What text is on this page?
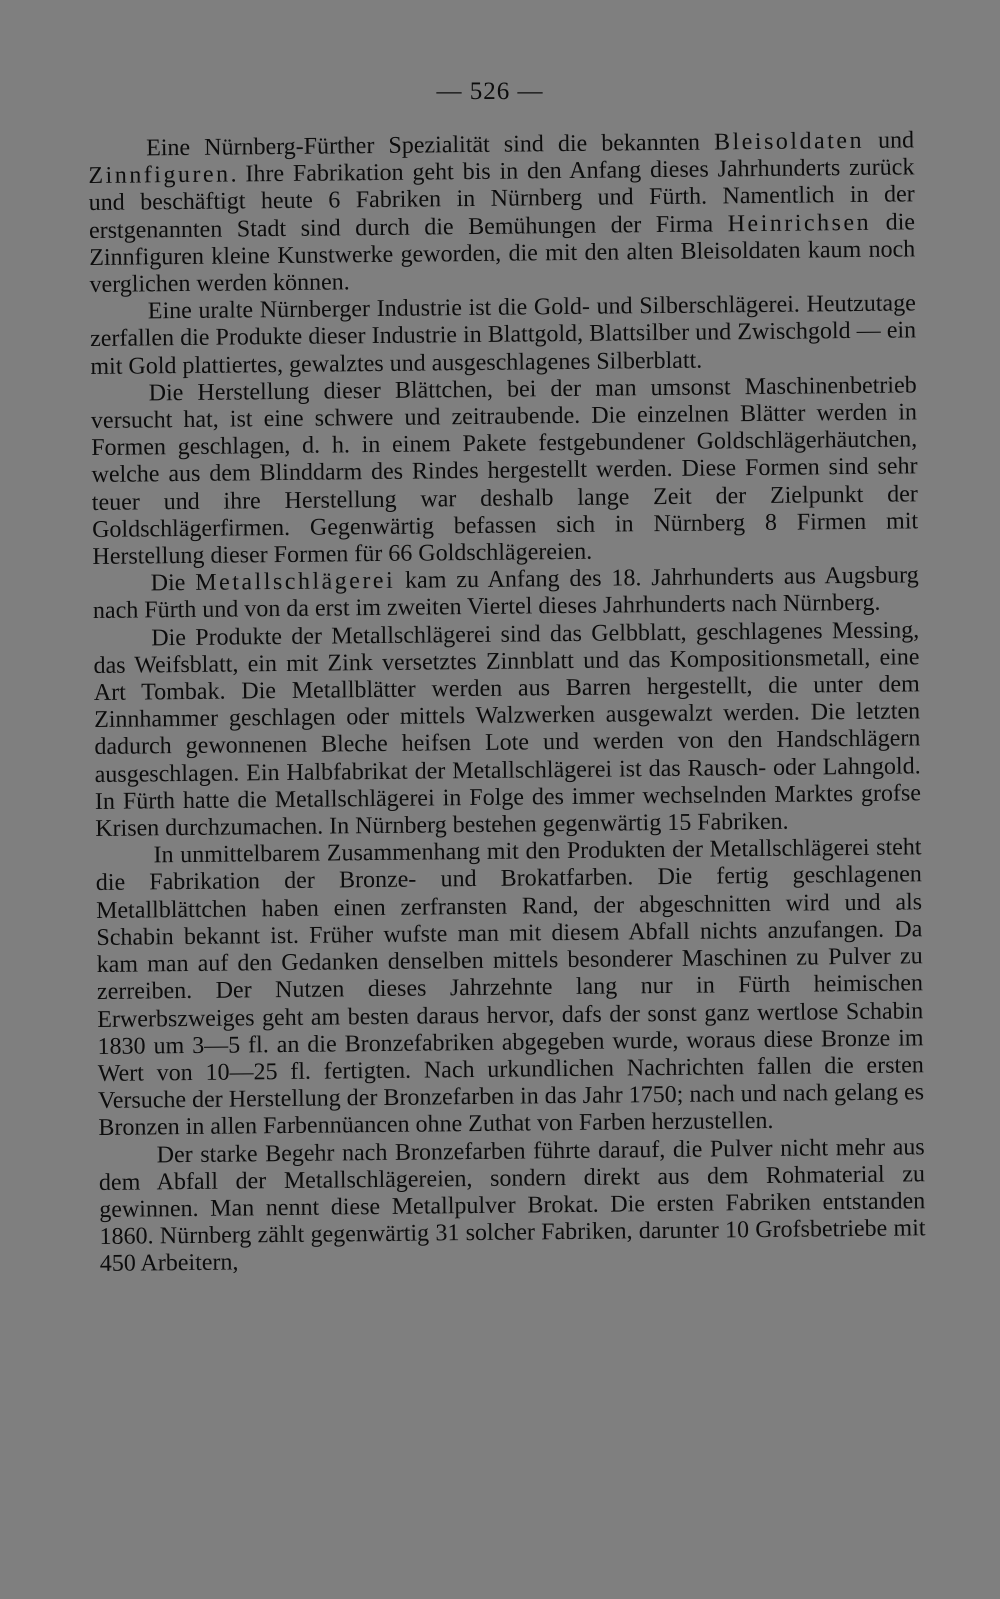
— 526 —

Eine Nürnberg-Fürther Spezialität sind die bekannten Bleisoldaten und Zinnfiguren. Ihre Fabrikation geht bis in den Anfang dieses Jahrhunderts zurück und beschäftigt heute 6 Fabriken in Nürnberg und Fürth. Namentlich in der erstgenannten Stadt sind durch die Bemühungen der Firma Heinrichsen die Zinnfiguren kleine Kunstwerke geworden, die mit den alten Bleisoldaten kaum noch verglichen werden können.

Eine uralte Nürnberger Industrie ist die Gold- und Silberschlägerei. Heutzutage zerfallen die Produkte dieser Industrie in Blattgold, Blattsilber und Zwischgold — ein mit Gold plattiertes, gewalztes und ausgeschlagenes Silberblatt.

Die Herstellung dieser Blättchen, bei der man umsonst Maschinenbetrieb versucht hat, ist eine schwere und zeitraubende. Die einzelnen Blätter werden in Formen geschlagen, d. h. in einem Pakete festgebundener Goldschlägerhäutchen, welche aus dem Blinddarm des Rindes hergestellt werden. Diese Formen sind sehr teuer und ihre Herstellung war deshalb lange Zeit der Zielpunkt der Goldschlägerfirmen. Gegenwärtig befassen sich in Nürnberg 8 Firmen mit Herstellung dieser Formen für 66 Goldschlägereien.

Die Metallschlägerei kam zu Anfang des 18. Jahrhunderts aus Augsburg nach Fürth und von da erst im zweiten Viertel dieses Jahrhunderts nach Nürnberg.

Die Produkte der Metallschlägerei sind das Gelbblatt, geschlagenes Messing, das Weifsblatt, ein mit Zink versetztes Zinnblatt und das Kompositionsmetall, eine Art Tombak. Die Metallblätter werden aus Barren hergestellt, die unter dem Zinnhammer geschlagen oder mittels Walzwerken ausgewalzt werden. Die letzten dadurch gewonnenen Bleche heifsen Lote und werden von den Handschlägern ausgeschlagen. Ein Halbfabrikat der Metallschlägerei ist das Rausch- oder Lahngold. In Fürth hatte die Metallschlägerei in Folge des immer wechselnden Marktes grofse Krisen durchzumachen. In Nürnberg bestehen gegenwärtig 15 Fabriken.

In unmittelbarem Zusammenhang mit den Produkten der Metallschlägerei steht die Fabrikation der Bronze- und Brokatfarben. Die fertig geschlagenen Metallblättchen haben einen zerfransten Rand, der abgeschnitten wird und als Schabin bekannt ist. Früher wufste man mit diesem Abfall nichts anzufangen. Da kam man auf den Gedanken denselben mittels besonderer Maschinen zu Pulver zu zerreiben. Der Nutzen dieses Jahrzehnte lang nur in Fürth heimischen Erwerbszweiges geht am besten daraus hervor, dafs der sonst ganz wertlose Schabin 1830 um 3—5 fl. an die Bronzefabriken abgegeben wurde, woraus diese Bronze im Wert von 10—25 fl. fertigten. Nach urkundlichen Nachrichten fallen die ersten Versuche der Herstellung der Bronzefarben in das Jahr 1750; nach und nach gelang es Bronzen in allen Farbennüancen ohne Zuthat von Farben herzustellen.

Der starke Begehr nach Bronzefarben führte darauf, die Pulver nicht mehr aus dem Abfall der Metallschlägereien, sondern direkt aus dem Rohmaterial zu gewinnen. Man nennt diese Metallpulver Brokat. Die ersten Fabriken entstanden 1860. Nürnberg zählt gegenwärtig 31 solcher Fabriken, darunter 10 Grofsbetriebe mit 450 Arbeitern,
